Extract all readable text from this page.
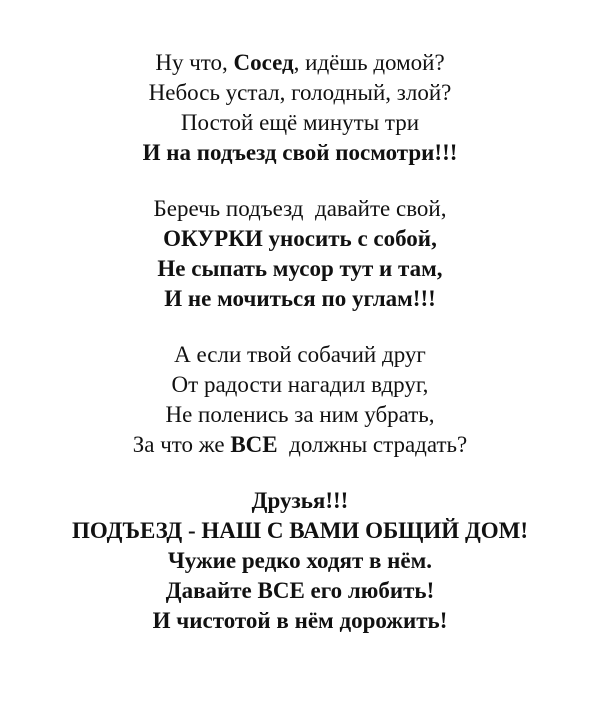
Ну что, Сосед, идёшь домой?
Небось устал, голодный, злой?
Постой ещё минуты три
И на подъезд свой посмотри!!!
Беречь подъезд  давайте свой,
ОКУРКИ уносить с собой,
Не сыпать мусор тут и там,
И не мочиться по углам!!!
А если твой собачий друг
От радости нагадил вдруг,
Не поленись за ним убрать,
За что же ВСЕ  должны страдать?
Друзья!!!
ПОДЪЕЗД - НАШ С ВАМИ ОБЩИЙ ДОМ!
Чужие редко ходят в нём.
Давайте ВСЕ его любить!
И чистотой в нём дорожить!
